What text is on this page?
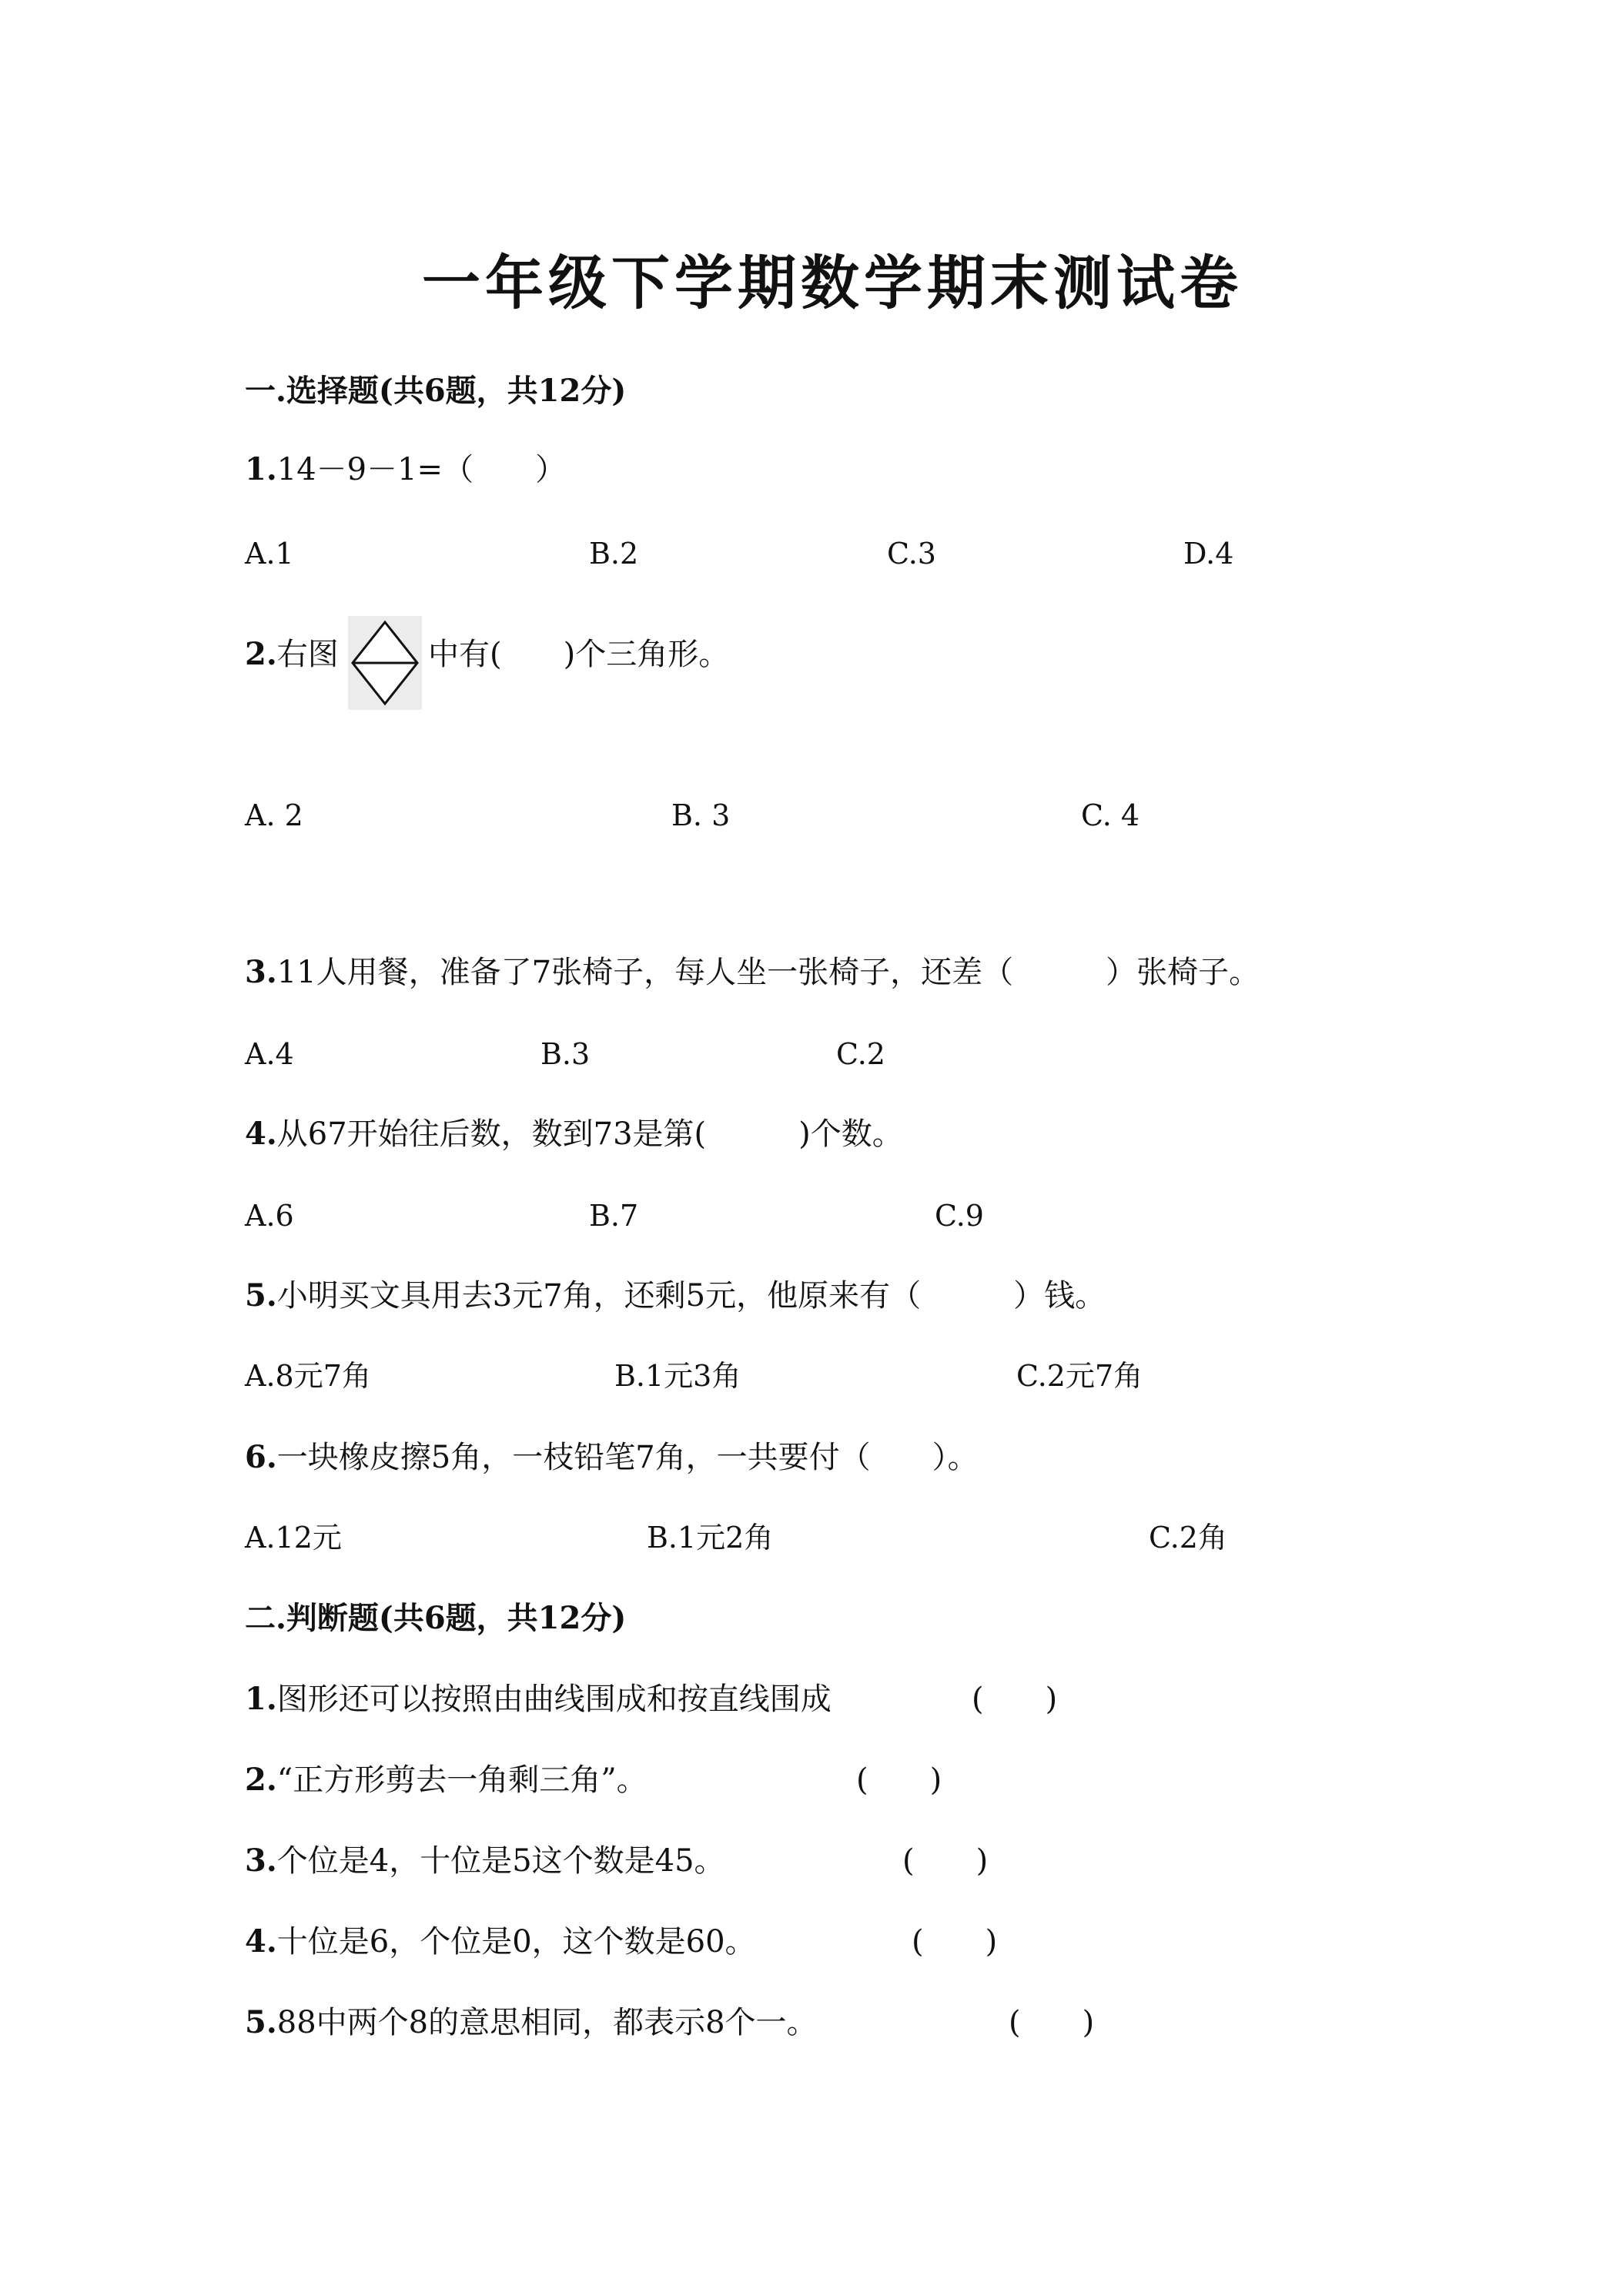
一年级下学期数学期末测试卷
一.选择题(共6题，共12分)
1.14－9－1=（　　）
A.1	B.2	C.3	D.4
2.右图	中有(　　)个三角形。
A. 2	B. 3	C. 4
3.11人用餐，准备了7张椅子，每人坐一张椅子，还差（　　　）张椅子。
A.4	B.3	C.2
4.从67开始往后数，数到73是第(　　　)个数。
A.6	B.7	C.9
5.小明买文具用去3元7角，还剩5元，他原来有（　　　）钱。
A.8元7角	B.1元3角	C.2元7角
6.一块橡皮擦5角，一枝铅笔7角，一共要付（　　）。
A.12元	B.1元2角	C.2角
二.判断题(共6题，共12分)
1.图形还可以按照由曲线围成和按直线围成	(　　)
2.“正方形剪去一角剩三角”。	(　　)
3.个位是4，十位是5这个数是45。	(　　)
4.十位是6，个位是0，这个数是60。	(　　)
5.88中两个8的意思相同，都表示8个一。	(　　)
